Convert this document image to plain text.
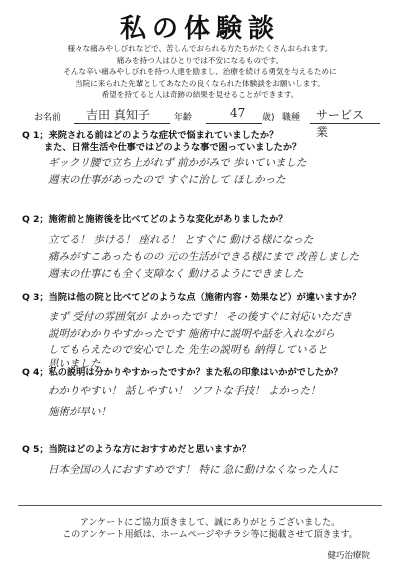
私の体験談
様々な痛みやしびれなどで、苦しんでおられる方たちがたくさんおられます。
痛みを持つ人はひとりでは不安になるものです。
そんな辛い痛みやしびれを持つ人達を励まし、治療を続ける勇気を与えるために
当院に来られた先輩としてあなたの良くなられた体験談をお願いします。
希望を持てると人は奇跡の結果を見せることができます。
お名前 吉田 真知子	年齢	47 歳) 職種 サービス業
Q 1；来院される前はどのような症状で悩まれていましたか？
また、日常生活や仕事ではどのような事で困っていましたか？
ギックリ腰で立ち上がれず 前かがみで 歩いていました
週末の仕事があったので すぐに治して ほしかった
Q 2；施術前と施術後を比べてどのような変化がありましたか？
立てる！ 歩ける！ 座れる！ とすぐに 動ける様になった
痛みがすこあったものの 元の生活ができる様にまで 改善しました
週末の仕事にも全く支障なく 動けるようにできました
Q 3；当院は他の院と比べてどのような点（施術内容・効果など）が違いますか？
まず 受付の雰囲気が よかったです！ その後すぐに対応いただき
説明がわかりやすかったです 施術中に説明や話を入れながら
してもらえたので安心でした 先生の説明も 納得していると
思いました
Q 4；私の説明は分かりやすかったですか？また私の印象はいかがでしたか？
わかりやすい！ 話しやすい！ ソフトな手技！ よかった！
施術が早い！
Q 5；当院はどのような方におすすめだと思いますか？
日本全国の人におすすめです！ 特に 急に動けなくなった人に
アンケートにご協力頂きまして、誠にありがとうございました。
このアンケート用紙は、ホームページやチラシ等に掲載させて頂きます。
健巧治療院
